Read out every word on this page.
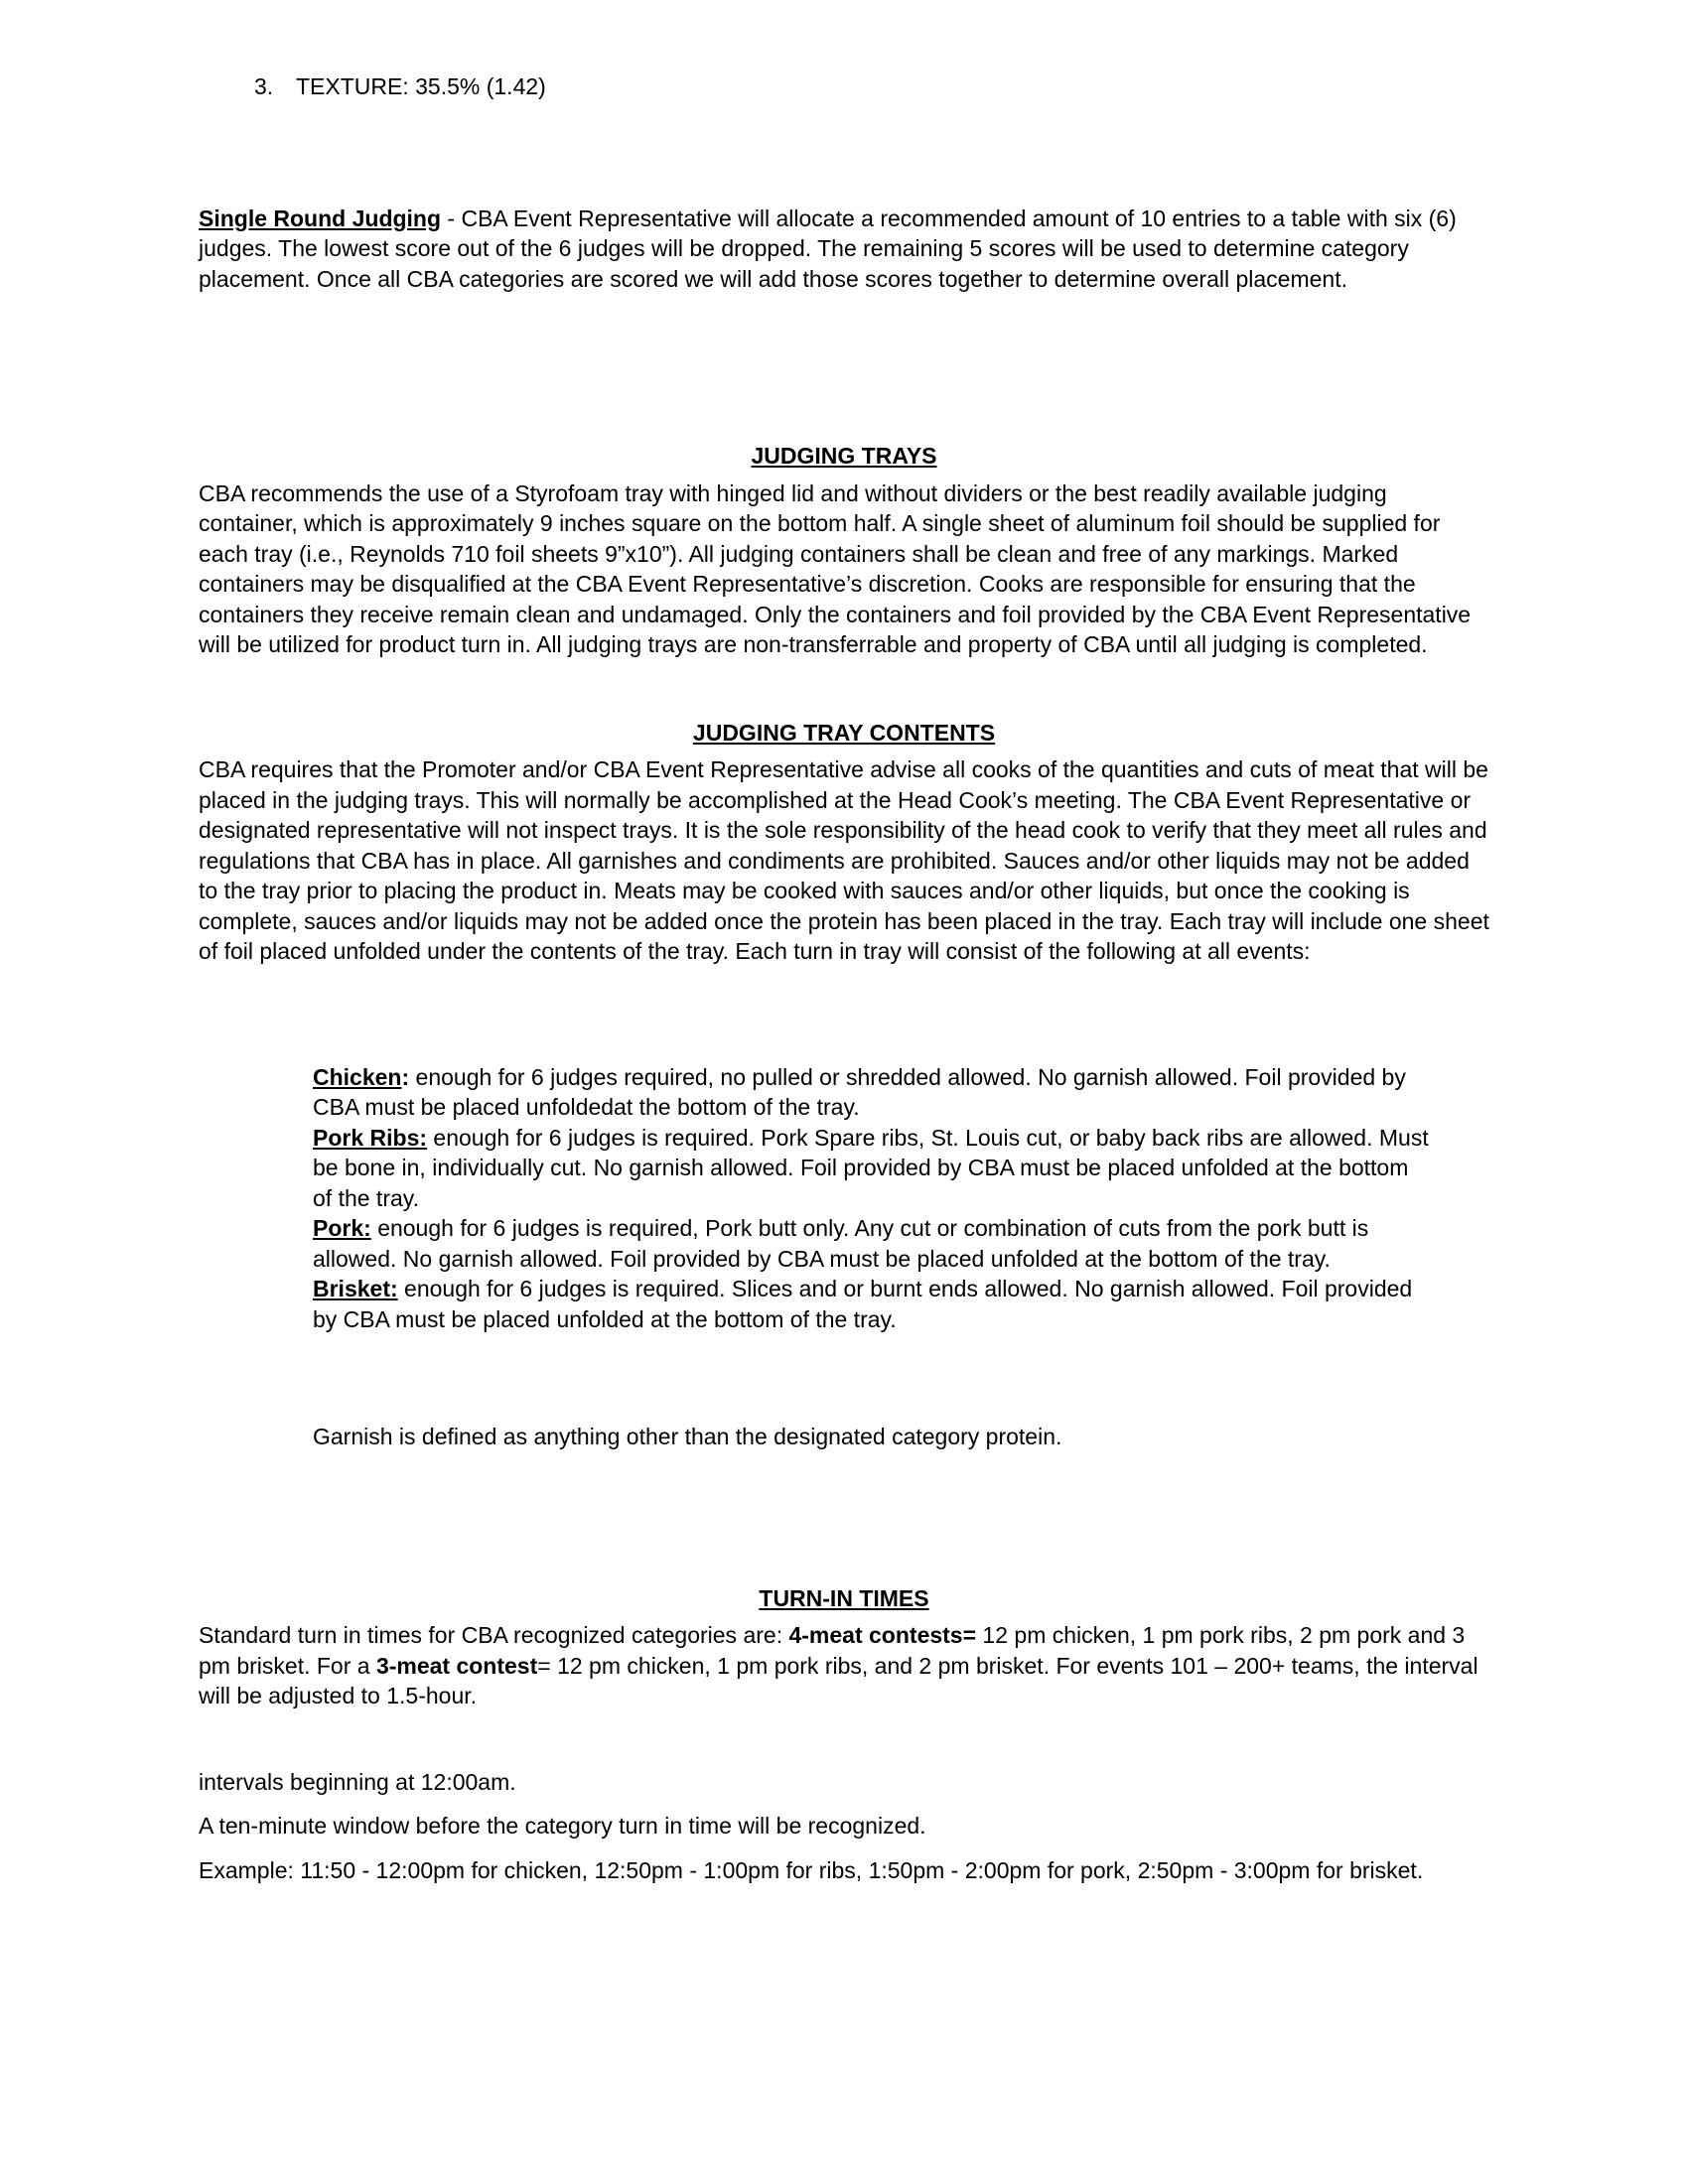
3. TEXTURE: 35.5% (1.42)

Single Round Judging - CBA Event Representative will allocate a recommended amount of 10 entries to a table with six (6) judges. The lowest score out of the 6 judges will be dropped. The remaining 5 scores will be used to determine category placement. Once all CBA categories are scored we will add those scores together to determine overall placement.

JUDGING TRAYS

CBA recommends the use of a Styrofoam tray with hinged lid and without dividers or the best readily available judging container, which is approximately 9 inches square on the bottom half. A single sheet of aluminum foil should be supplied for each tray (i.e., Reynolds 710 foil sheets 9”x10”). All judging containers shall be clean and free of any markings. Marked containers may be disqualified at the CBA Event Representative’s discretion. Cooks are responsible for ensuring that the containers they receive remain clean and undamaged. Only the containers and foil provided by the CBA Event Representative will be utilized for product turn in. All judging trays are non-transferrable and property of CBA until all judging is completed.

JUDGING TRAY CONTENTS

CBA requires that the Promoter and/or CBA Event Representative advise all cooks of the quantities and cuts of meat that will be placed in the judging trays. This will normally be accomplished at the Head Cook’s meeting. The CBA Event Representative or designated representative will not inspect trays. It is the sole responsibility of the head cook to verify that they meet all rules and regulations that CBA has in place. All garnishes and condiments are prohibited. Sauces and/or other liquids may not be added to the tray prior to placing the product in. Meats may be cooked with sauces and/or other liquids, but once the cooking is complete, sauces and/or liquids may not be added once the protein has been placed in the tray. Each tray will include one sheet of foil placed unfolded under the contents of the tray. Each turn in tray will consist of the following at all events:

Chicken: enough for 6 judges required, no pulled or shredded allowed. No garnish allowed. Foil provided by CBA must be placed unfoldedat the bottom of the tray.

Pork Ribs: enough for 6 judges is required. Pork Spare ribs, St. Louis cut, or baby back ribs are allowed. Must be bone in, individually cut. No garnish allowed. Foil provided by CBA must be placed unfolded at the bottom of the tray.

Pork: enough for 6 judges is required, Pork butt only. Any cut or combination of cuts from the pork butt is allowed. No garnish allowed. Foil provided by CBA must be placed unfolded at the bottom of the tray.

Brisket: enough for 6 judges is required. Slices and or burnt ends allowed. No garnish allowed. Foil provided by CBA must be placed unfolded at the bottom of the tray.

Garnish is defined as anything other than the designated category protein.

TURN-IN TIMES

Standard turn in times for CBA recognized categories are: 4-meat contests= 12 pm chicken, 1 pm pork ribs, 2 pm pork and 3 pm brisket. For a 3-meat contest= 12 pm chicken, 1 pm pork ribs, and 2 pm brisket. For events 101 – 200+ teams, the interval will be adjusted to 1.5-hour.

intervals beginning at 12:00am.

A ten-minute window before the category turn in time will be recognized.

Example: 11:50 - 12:00pm for chicken, 12:50pm - 1:00pm for ribs, 1:50pm - 2:00pm for pork, 2:50pm - 3:00pm for brisket.
